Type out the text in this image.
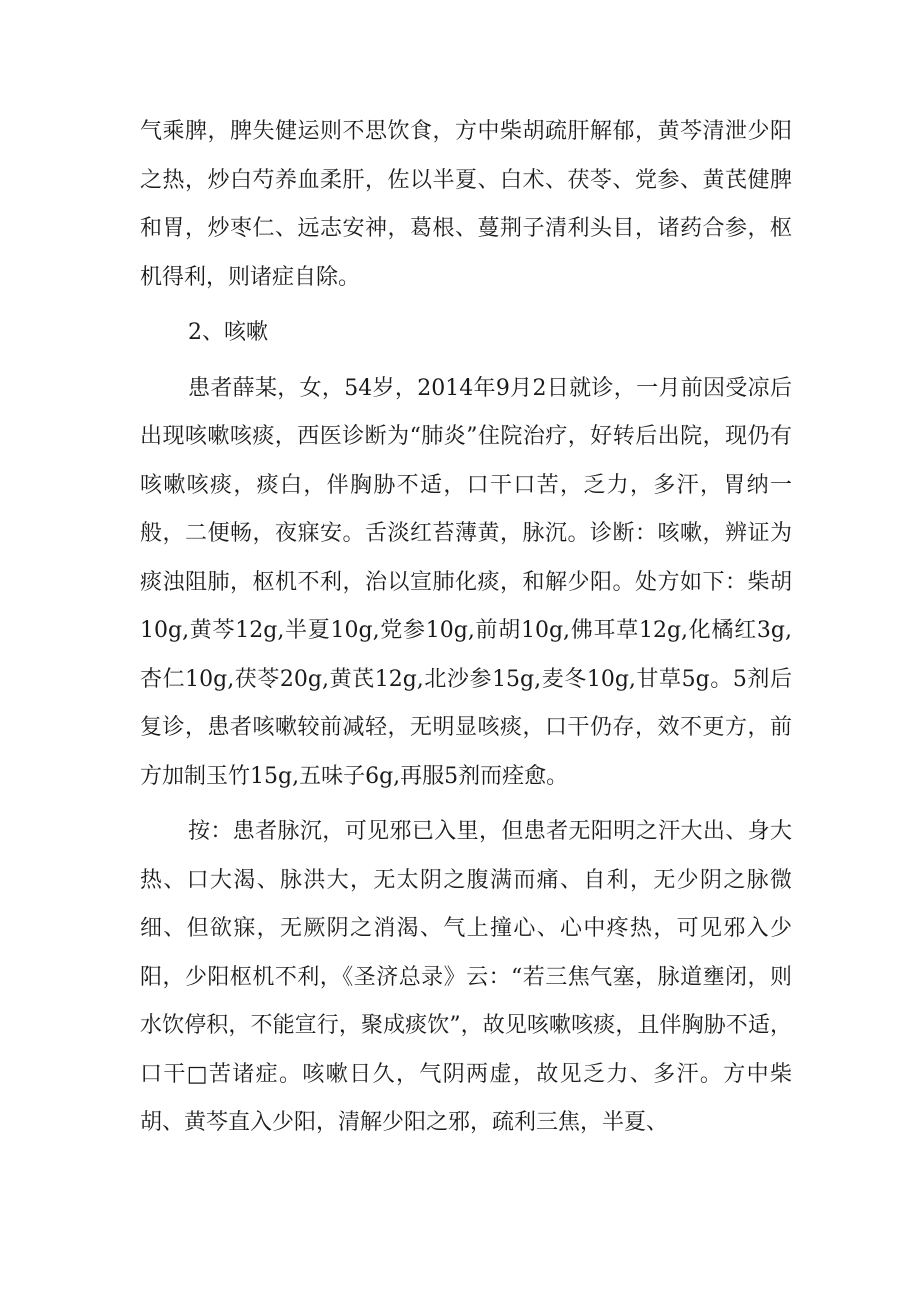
气乘脾，脾失健运则不思饮食，方中柴胡疏肝解郁，黄芩清泄少阳之热，炒白芍养血柔肝，佐以半夏、白术、茯苓、党参、黄芪健脾和胃，炒枣仁、远志安神，葛根、蔓荆子清利头目，诸药合参，枢机得利，则诸症自除。

2、咳嗽

患者薛某，女，54岁，2014年9月2日就诊，一月前因受凉后出现咳嗽咳痰，西医诊断为“肺炎”住院治疗，好转后出院，现仍有咳嗽咳痰，痰白，伴胸胁不适，口干口苦，乏力，多汗，胃纳一般，二便畅，夜寐安。舌淡红苔薄黄，脉沉。诊断：咳嗽，辨证为痰浊阻肺，枢机不利，治以宣肺化痰，和解少阳。处方如下：柴胡10g,黄芩12g,半夏10g,党参10g,前胡10g,佛耳草12g,化橘红3g,杏仁10g,茯苓20g,黄芪12g,北沙参15g,麦冬10g,甘草5g。5剂后复诊，患者咳嗽较前减轻，无明显咳痰，口干仍存，效不更方，前方加制玉竹15g,五味子6g,再服5剂而痊愈。

按：患者脉沉，可见邪已入里，但患者无阳明之汗大出、身大热、口大渴、脉洪大，无太阴之腹满而痛、自利，无少阴之脉微细、但欲寐，无厥阴之消渴、气上撞心、心中疼热，可见邪入少阳，少阳枢机不利，《圣济总录》云：“若三焦气塞，脉道壅闭，则水饮停积，不能宣行，聚成痰饮”，故见咳嗽咳痰，且伴胸胁不适，口干□苦诸症。咳嗽日久，气阴两虚，故见乏力、多汗。方中柴胡、黄芩直入少阳，清解少阳之邪，疏利三焦，半夏、
